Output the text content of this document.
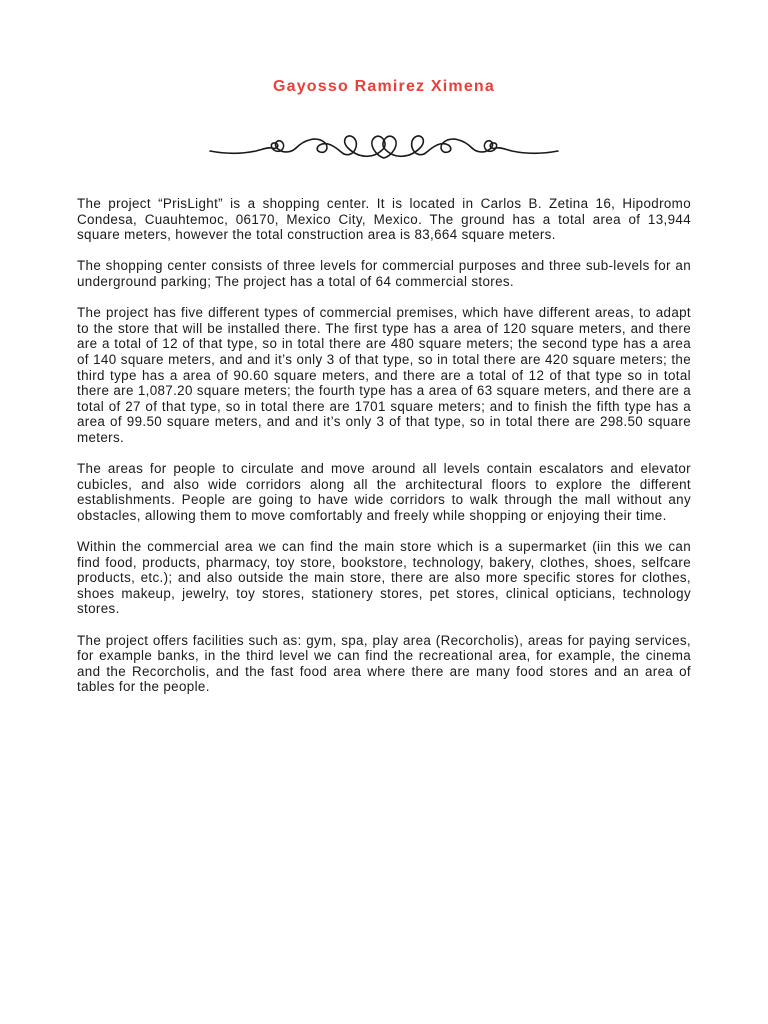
Gayosso Ramirez Ximena

The project “PrisLight” is a shopping center. It is located in Carlos B. Zetina 16, Hipodromo Condesa, Cuauhtemoc, 06170, Mexico City, Mexico. The ground has a total area of 13,944 square meters, however the total construction area is 83,664 square meters.

The shopping center consists of three levels for commercial purposes and three sub-levels for an underground parking; The project has a total of 64 commercial stores.

The project has five different types of commercial premises, which have different areas, to adapt to the store that will be installed there. The first type has a area of 120 square meters, and there are a total of 12 of that type, so in total there are 480 square meters; the second type has a area of 140 square meters, and and it’s only 3 of that type, so in total there are 420 square meters; the third type has a area of 90.60 square meters, and there are a total of 12 of that type so in total there are 1,087.20 square meters; the fourth type has a area of 63 square meters, and there are a total of 27 of that type, so in total there are 1701 square meters; and to finish the fifth type has a area of 99.50 square meters, and and it’s only 3 of that type, so in total there are 298.50 square meters.

The areas for people to circulate and move around all levels contain escalators and elevator cubicles, and also wide corridors along all the architectural floors to explore the different establishments. People are going to have wide corridors to walk through the mall without any obstacles, allowing them to move comfortably and freely while shopping or enjoying their time.

Within the commercial area we can find the main store which is a supermarket (iin this we can find food, products, pharmacy, toy store, bookstore, technology, bakery, clothes, shoes, selfcare products, etc.); and also outside the main store, there are also more specific stores for clothes, shoes makeup, jewelry, toy stores, stationery stores, pet stores, clinical opticians, technology stores.

The project offers facilities such as: gym, spa, play area (Recorcholis), areas for paying services, for example banks, in the third level we can find the recreational area, for example, the cinema and the Recorcholis, and the fast food area where there are many food stores and an area of tables for the people.
